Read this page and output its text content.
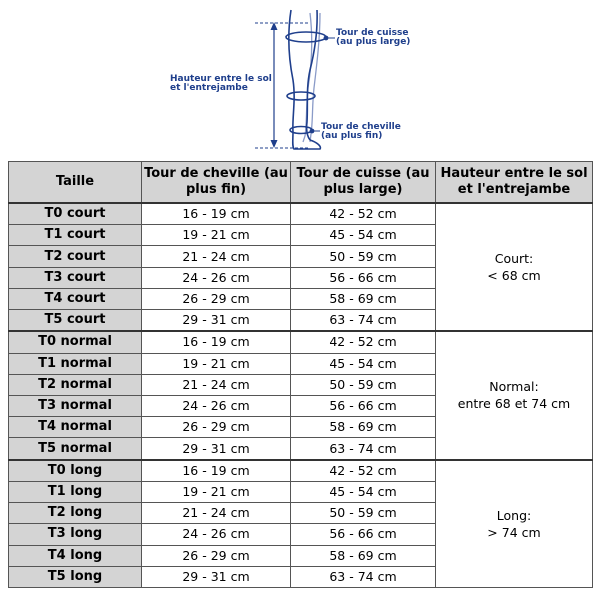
Tour de cuisse
(au plus large)
Hauteur entre le sol
et l'entrejambe
Tour de cheville
(au plus fin)
Taille	Tour de cheville (au plus fin)	Tour de cuisse (au plus large)	Hauteur entre le sol et l'entrejambe
T0 court	16 - 19 cm	42 - 52 cm	Court:
< 68 cm

T1 court	19 - 21 cm	45 - 54 cm	
T2 court	21 - 24 cm	50 - 59 cm	
T3 court	24 - 26 cm	56 - 66 cm	
T4 court	26 - 29 cm	58 - 69 cm	
T5 court	29 - 31 cm	63 - 74 cm	
T0 normal	16 - 19 cm	42 - 52 cm	Normal:
entre 68 et 74 cm

T1 normal	19 - 21 cm	45 - 54 cm	
T2 normal	21 - 24 cm	50 - 59 cm	
T3 normal	24 - 26 cm	56 - 66 cm	
T4 normal	26 - 29 cm	58 - 69 cm	
T5 normal	29 - 31 cm	63 - 74 cm	
T0 long	16 - 19 cm	42 - 52 cm	Long:
> 74 cm

T1 long	19 - 21 cm	45 - 54 cm	
T2 long	21 - 24 cm	50 - 59 cm	
T3 long	24 - 26 cm	56 - 66 cm	
T4 long	26 - 29 cm	58 - 69 cm	
T5 long	29 - 31 cm	63 - 74 cm	
